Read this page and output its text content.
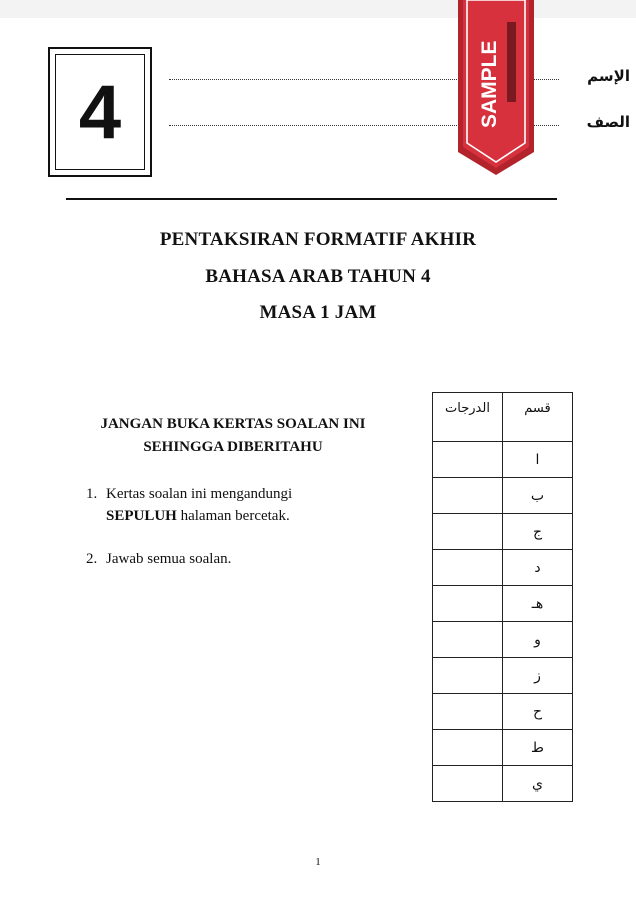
4	الإسم
الصف
SAMPLE
PENTAKSIRAN FORMATIF AKHIR
BAHASA ARAB TAHUN 4
MASA 1 JAM
JANGAN BUKA KERTAS SOALAN INI
SEHINGGA DIBERITAHU
1. Kertas soalan ini mengandungi
SEPULUH halaman bercetak.
2. Jawab semua soalan.
الدرجات	قسم
	ا
	ب
	ج
	د
	هـ
	و
	ز
	ح
	ط
	ي
1
